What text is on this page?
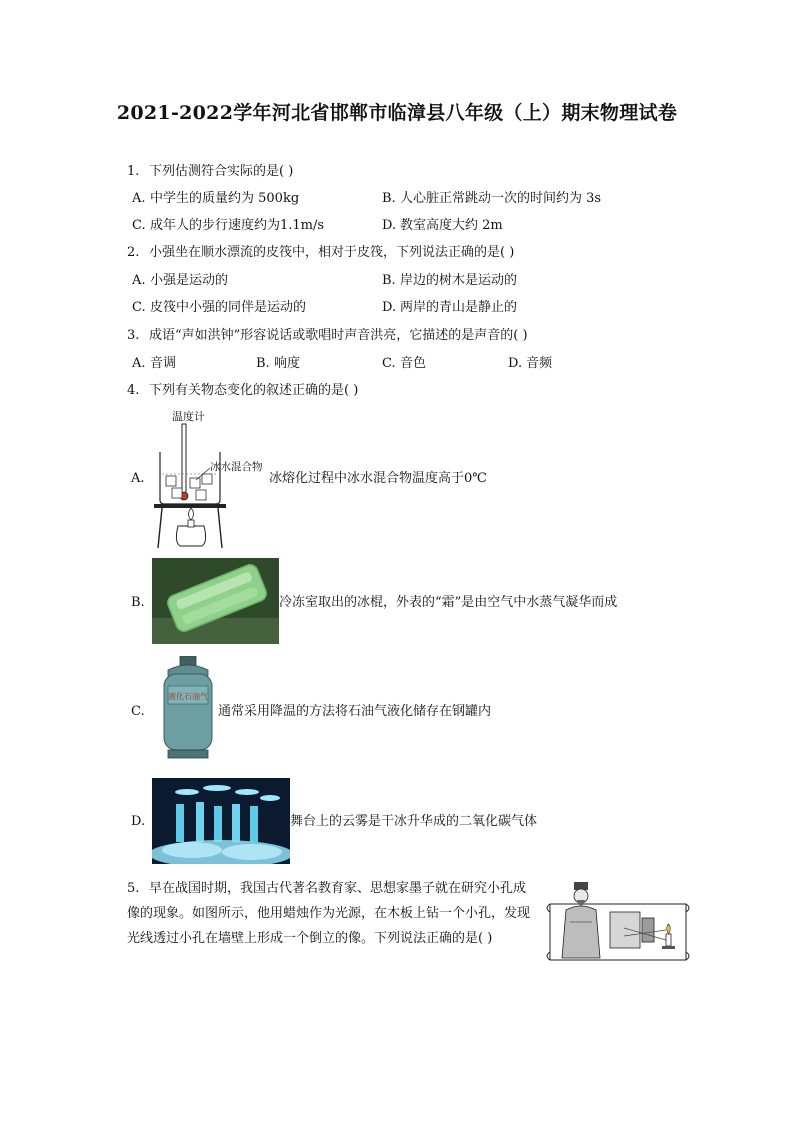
2021-2022学年河北省邯郸市临漳县八年级（上）期末物理试卷
1. 下列估测符合实际的是( )
A. 中学生的质量约为 500kg	B. 人心脏正常跳动一次的时间约为 3s
C. 成年人的步行速度约为1.1m/s	D. 教室高度大约 2m
2. 小强坐在顺水漂流的皮筏中，相对于皮筏，下列说法正确的是( )
A. 小强是运动的	B. 岸边的树木是运动的
C. 皮筏中小强的同伴是运动的	D. 两岸的青山是静止的
3. 成语“声如洪钟”形容说话或歌唱时声音洪亮，它描述的是声音的( )
A. 音调	B. 响度	C. 音色	D. 音频
4. 下列有关物态变化的叙述正确的是( )
温度计
冰水混合物
A.	冰熔化过程中冰水混合物温度高于0℃
B.	冷冻室取出的冰棍，外表的“霜”是由空气中水蒸气凝华而成
液化石油气
C.	通常采用降温的方法将石油气液化储存在钢罐内
D.	舞台上的云雾是干冰升华成的二氧化碳气体
5. 早在战国时期，我国古代著名教育家、思想家墨子就在研究小孔成像的现象。如图所示，他用蜡烛作为光源，在木板上钻一个小孔，发现光线透过小孔在墙壁上形成一个倒立的像。下列说法正确的是( )
